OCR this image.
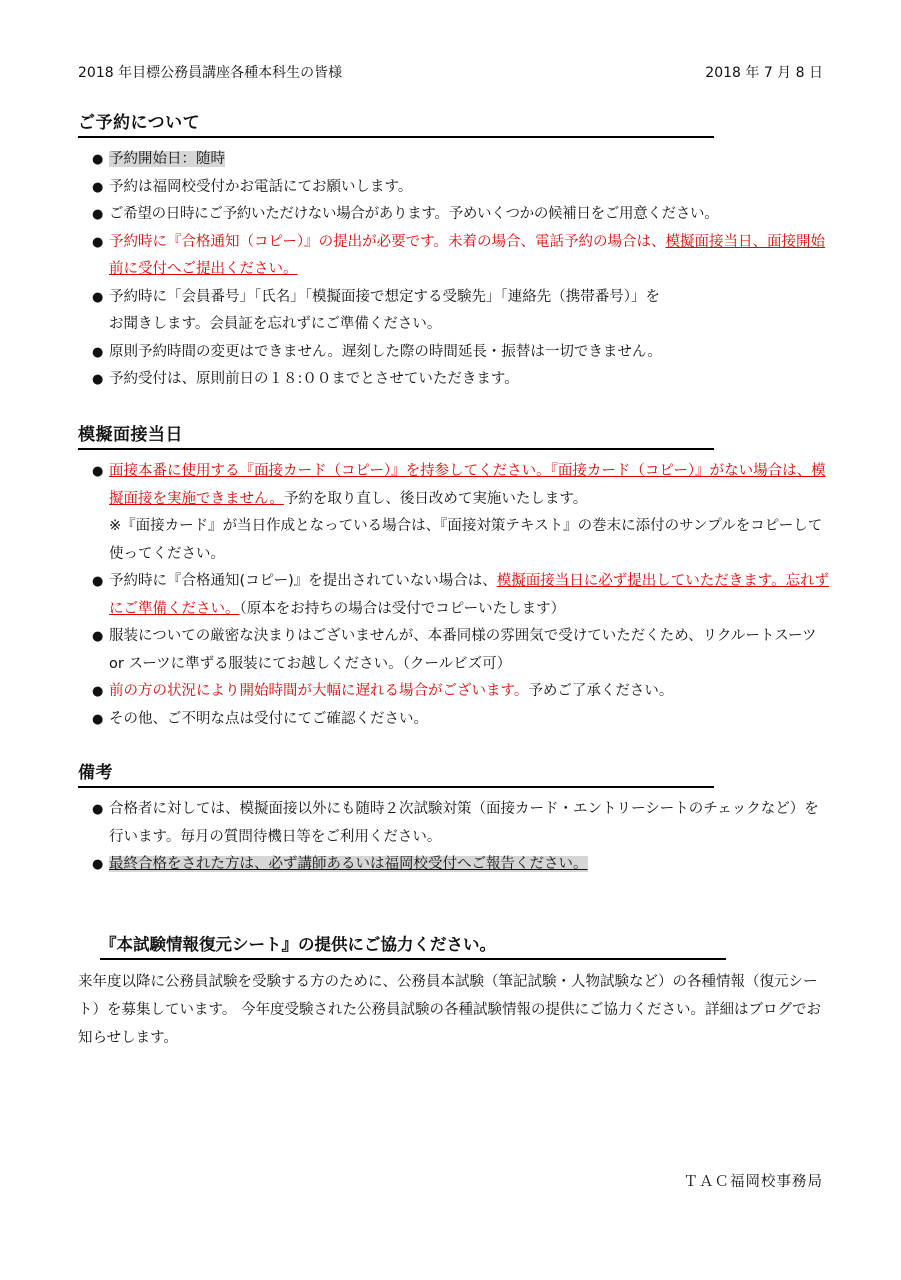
2018 年目標公務員講座各種本科生の皆様	2018 年 7 月 8 日
ご予約について
● 予約開始日：随時
● 予約は福岡校受付かお電話にてお願いします。
● ご希望の日時にご予約いただけない場合があります。予めいくつかの候補日をご用意ください。
● 予約時に『合格通知（コピー）』の提出が必要です。未着の場合、電話予約の場合は、模擬面接当日、面接開始前に受付へご提出ください。
● 予約時に「会員番号」「氏名」「模擬面接で想定する受験先」「連絡先（携帯番号）」を
お聞きします。会員証を忘れずにご準備ください。
● 原則予約時間の変更はできません。遅刻した際の時間延長・振替は一切できません。
● 予約受付は、原則前日の１８:００までとさせていただきます。
模擬面接当日
● 面接本番に使用する『面接カード（コピー）』を持参してください。『面接カード（コピー）』がない場合は、模擬面接を実施できません。予約を取り直し、後日改めて実施いたします。
※『面接カード』が当日作成となっている場合は、『面接対策テキスト』の巻末に添付のサンプルをコピーして使ってください。
● 予約時に『合格通知(コピー)』を提出されていない場合は、模擬面接当日に必ず提出していただきます。忘れずにご準備ください。（原本をお持ちの場合は受付でコピーいたします）
● 服装についての厳密な決まりはございませんが、本番同様の雰囲気で受けていただくため、リクルートスーツ or スーツに準ずる服装にてお越しください。（クールビズ可）
● 前の方の状況により開始時間が大幅に遅れる場合がございます。予めご了承ください。
● その他、ご不明な点は受付にてご確認ください。
備考
● 合格者に対しては、模擬面接以外にも随時２次試験対策（面接カード・エントリーシートのチェックなど）を行います。毎月の質問待機日等をご利用ください。
● 最終合格をされた方は、必ず講師あるいは福岡校受付へご報告ください。
『本試験情報復元シート』の提供にご協力ください。
来年度以降に公務員試験を受験する方のために、公務員本試験（筆記試験・人物試験など）の各種情報（復元シート）を募集しています。 今年度受験された公務員試験の各種試験情報の提供にご協力ください。詳細はブログでお知らせします。
ＴＡＣ福岡校事務局
